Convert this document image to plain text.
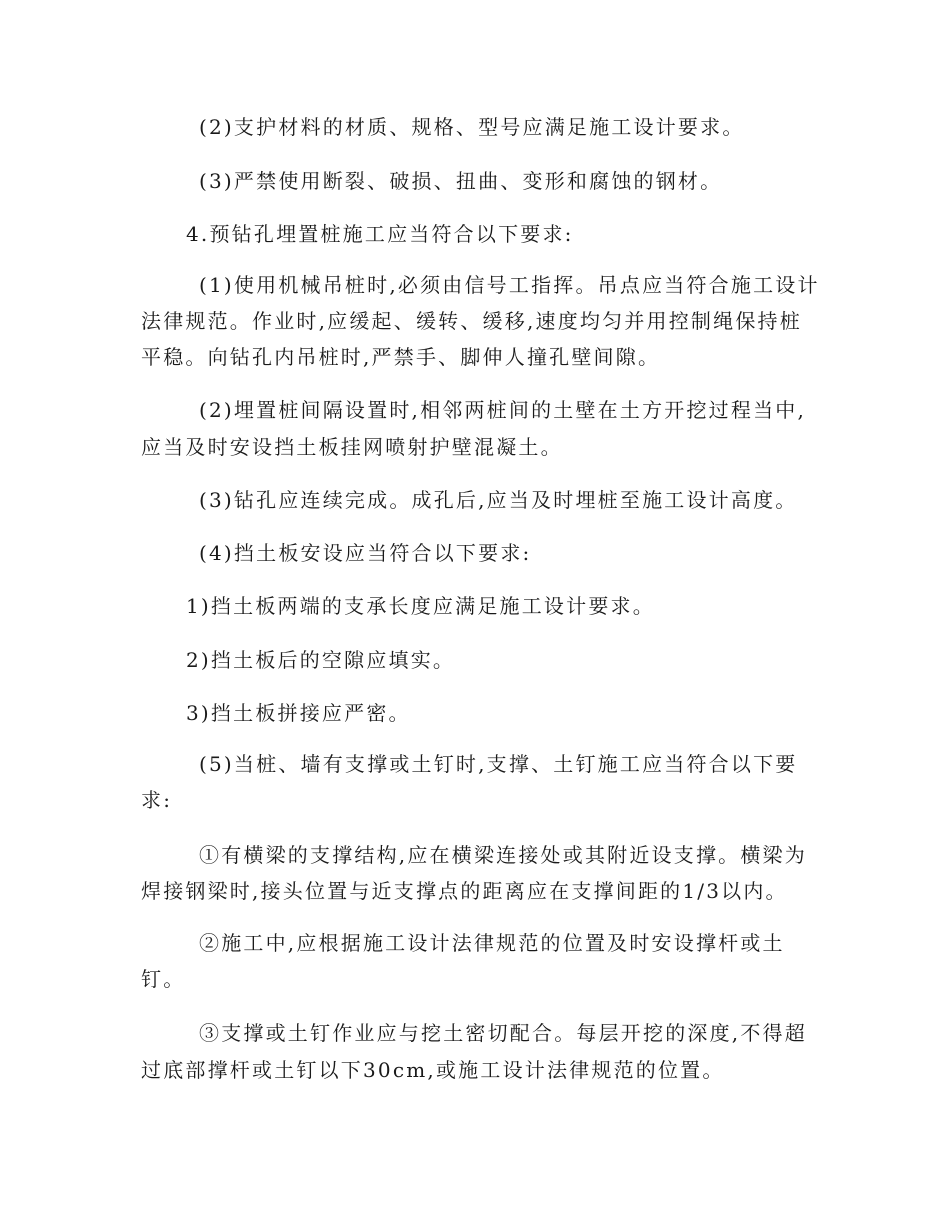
(2)支护材料的材质、规格、型号应满足施工设计要求。
(3)严禁使用断裂、破损、扭曲、变形和腐蚀的钢材。
4.预钻孔埋置桩施工应当符合以下要求:
(1)使用机械吊桩时,必须由信号工指挥。吊点应当符合施工设计
法律规范。作业时,应缓起、缓转、缓移,速度均匀并用控制绳保持桩
平稳。向钻孔内吊桩时,严禁手、脚伸人撞孔壁间隙。
(2)埋置桩间隔设置时,相邻两桩间的土壁在土方开挖过程当中,
应当及时安设挡土板挂网喷射护壁混凝土。
(3)钻孔应连续完成。成孔后,应当及时埋桩至施工设计高度。
(4)挡土板安设应当符合以下要求:
1)挡土板两端的支承长度应满足施工设计要求。
2)挡土板后的空隙应填实。
3)挡土板拼接应严密。
(5)当桩、墙有支撑或土钉时,支撑、土钉施工应当符合以下要
求:
①有横梁的支撑结构,应在横梁连接处或其附近设支撑。横梁为
焊接钢梁时,接头位置与近支撑点的距离应在支撑间距的1/3以内。
②施工中,应根据施工设计法律规范的位置及时安设撑杆或土
钉。
③支撑或土钉作业应与挖土密切配合。每层开挖的深度,不得超
过底部撑杆或土钉以下30cm,或施工设计法律规范的位置。
